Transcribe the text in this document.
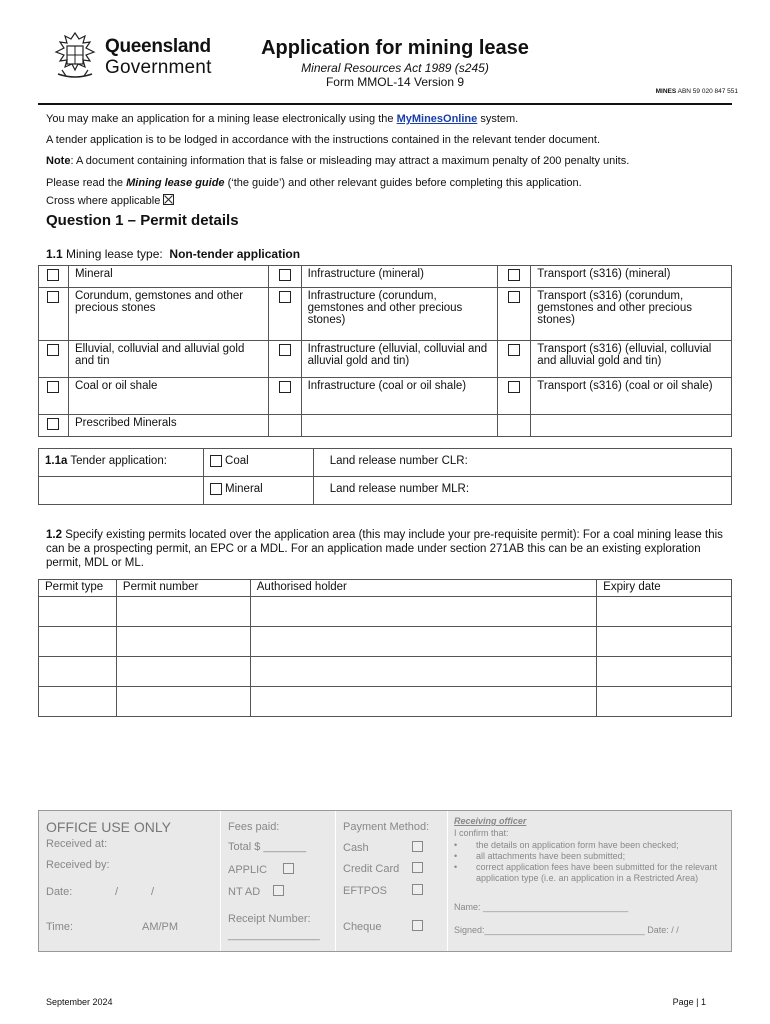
Queensland
Government
Application for mining lease
Mineral Resources Act 1989 (s245)
Form MMOL-14 Version 9
MINES ABN 59 020 847 551
You may make an application for a mining lease electronically using the MyMinesOnline system.
A tender application is to be lodged in accordance with the instructions contained in the relevant tender document.
Note: A document containing information that is false or misleading may attract a maximum penalty of 200 penalty units.
Please read the Mining lease guide (‘the guide’) and other relevant guides before completing this application.
Cross where applicable
Question 1 – Permit details
1.1 Mining lease type: Non-tender application
	Mineral		Infrastructure (mineral)		Transport (s316) (mineral)
	Corundum, gemstones and other precious stones		Infrastructure (corundum, gemstones and other precious stones)		Transport (s316) (corundum, gemstones and other precious stones)
	Elluvial, colluvial and alluvial gold and tin		Infrastructure (elluvial, colluvial and alluvial gold and tin)		Transport (s316) (elluvial, colluvial and alluvial gold and tin)
	Coal or oil shale		Infrastructure (coal or oil shale)		Transport (s316) (coal or oil shale)
	Prescribed Minerals				
1.1a Tender application:	Coal	Land release number CLR:
	Mineral	Land release number MLR:
1.2 Specify existing permits located over the application area (this may include your pre-requisite permit): For a coal mining lease this can be a prospecting permit, an EPC or a MDL. For an application made under section 271AB this can be an existing exploration permit, MDL or ML.
Permit type	Permit number	Authorised holder	Expiry date

OFFICE USE ONLY
Received at:
Received by:
Date:	/	/
Time:	AM/PM
Fees paid:
Total $ _______
APPLIC
NT AD
Receipt Number:
_______________
Payment Method:
Cash
Credit Card
EFTPOS
Cheque
Receiving officer
I confirm that:
• the details on application form have been checked;
• all attachments have been submitted;
• correct application fees have been submitted for the relevant application type (i.e. an application in a Restricted Area)
Name: _____________________________
Signed:________________________________ Date: / /
September 2024	Page | 1
